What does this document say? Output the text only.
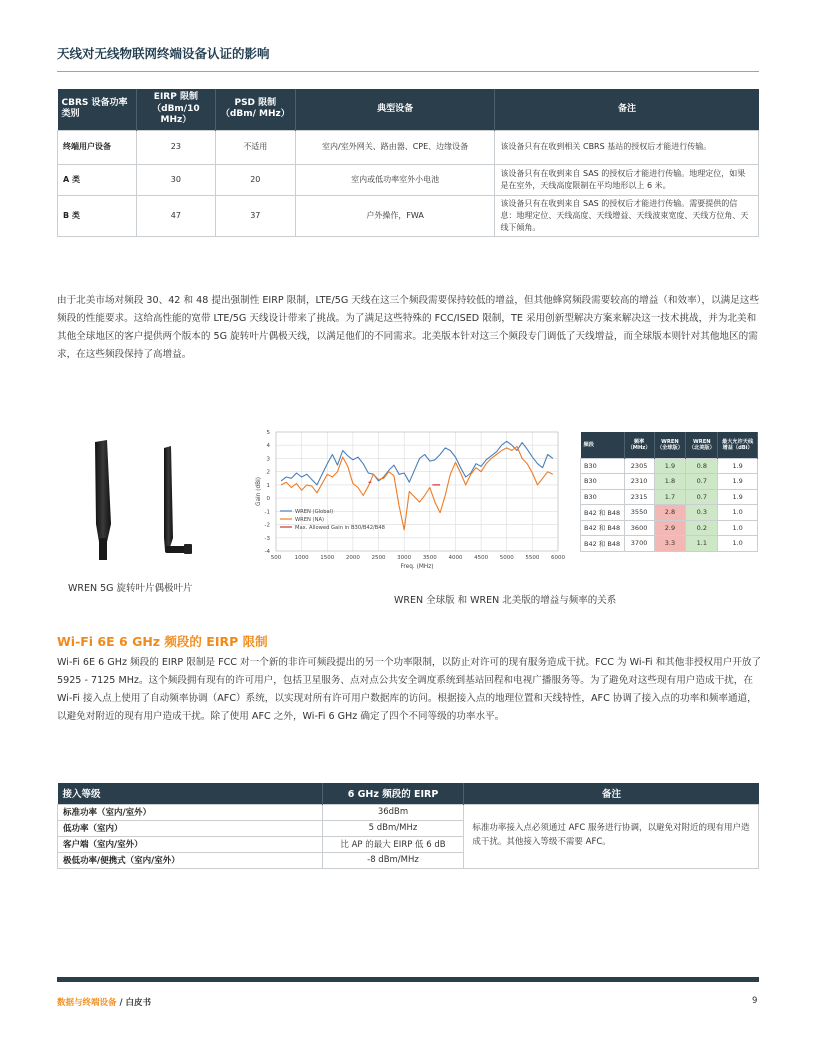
天线对无线物联网终端设备认证的影响
CBRS 设备功率类别	EIRP 限制（dBm/10 MHz）	PSD 限制（dBm/ MHz）	典型设备	备注
终端用户设备	23	不适用	室内/室外网关、路由器、CPE、边缘设备	该设备只有在收到相关 CBRS 基站的授权后才能进行传输。
A 类	30	20	室内或低功率室外小电池	该设备只有在收到来自 SAS 的授权后才能进行传输。地理定位，如果是在室外，天线高度限制在平均地形以上 6 米。
B 类	47	37	户外操作，FWA	该设备只有在收到来自 SAS 的授权后才能进行传输。需要提供的信息：地理定位、天线高度、天线增益、天线波束宽度、天线方位角、天线下倾角。

由于北美市场对频段 30、42 和 48 提出强制性 EIRP 限制，LTE/5G 天线在这三个频段需要保持较低的增益，但其他蜂窝频段需要较高的增益（和效率），以满足这些频段的性能要求。这给高性能的宽带 LTE/5G 天线设计带来了挑战。为了满足这些特殊的 FCC/ISED 限制，TE 采用创新型解决方案来解决这一技术挑战，并为北美和其他全球地区的客户提供两个版本的 5G 旋转叶片偶极天线，以满足他们的不同需求。北美版本针对这三个频段专门调低了天线增益，而全球版本则针对其他地区的需求，在这些频段保持了高增益。

WREN 5G 旋转叶片偶极叶片
-4
-3
-2
-1
0
1
2
3
4
5
500 1000 1500 2000 2500 3000 3500 4000 4500 5000 5500 6000
Freq. (MHz)
Gain (dBi)
WREN (Global)
WREN (NA)
Max. Allowed Gain in B30/B42/B48
WREN 全球版 和 WREN 北美版的增益与频率的关系
频段	频率（MHz）	WREN（全球版）	WREN（北美版）	最大允许天线增益（dBi）
B30	2305	1.9	0.8	1.9
B30	2310	1.8	0.7	1.9
B30	2315	1.7	0.7	1.9
B42 和 B48	3550	2.8	0.3	1.0
B42 和 B48	3600	2.9	0.2	1.0
B42 和 B48	3700	3.3	1.1	1.0
Wi-Fi 6E 6 GHz 频段的 EIRP 限制

Wi-Fi 6E 6 GHz 频段的 EIRP 限制是 FCC 对一个新的非许可频段提出的另一个功率限制，以防止对许可的现有服务造成干扰。FCC 为 Wi-Fi 和其他非授权用户开放了 5925 - 7125 MHz。这个频段拥有现有的许可用户，包括卫星服务、点对点公共安全调度系统到基站回程和电视广播服务等。为了避免对这些现有用户造成干扰，在 Wi-Fi 接入点上使用了自动频率协调（AFC）系统，以实现对所有许可用户数据库的访问。根据接入点的地理位置和天线特性，AFC 协调了接入点的功率和频率通道，以避免对附近的现有用户造成干扰。除了使用 AFC 之外，Wi-Fi 6 GHz 确定了四个不同等级的功率水平。

接入等级	6 GHz 频段的 EIRP	备注
标准功率（室内/室外）	36dBm	标准功率接入点必须通过 AFC 服务进行协调，以避免对附近的现有用户造成干扰。其他接入等级不需要 AFC。
低功率（室内）	5 dBm/MHz	
客户端（室内/室外）	比 AP 的最大 EIRP 低 6 dB	
极低功率/便携式（室内/室外）	-8 dBm/MHz	
数据与终端设备 / 白皮书	9
